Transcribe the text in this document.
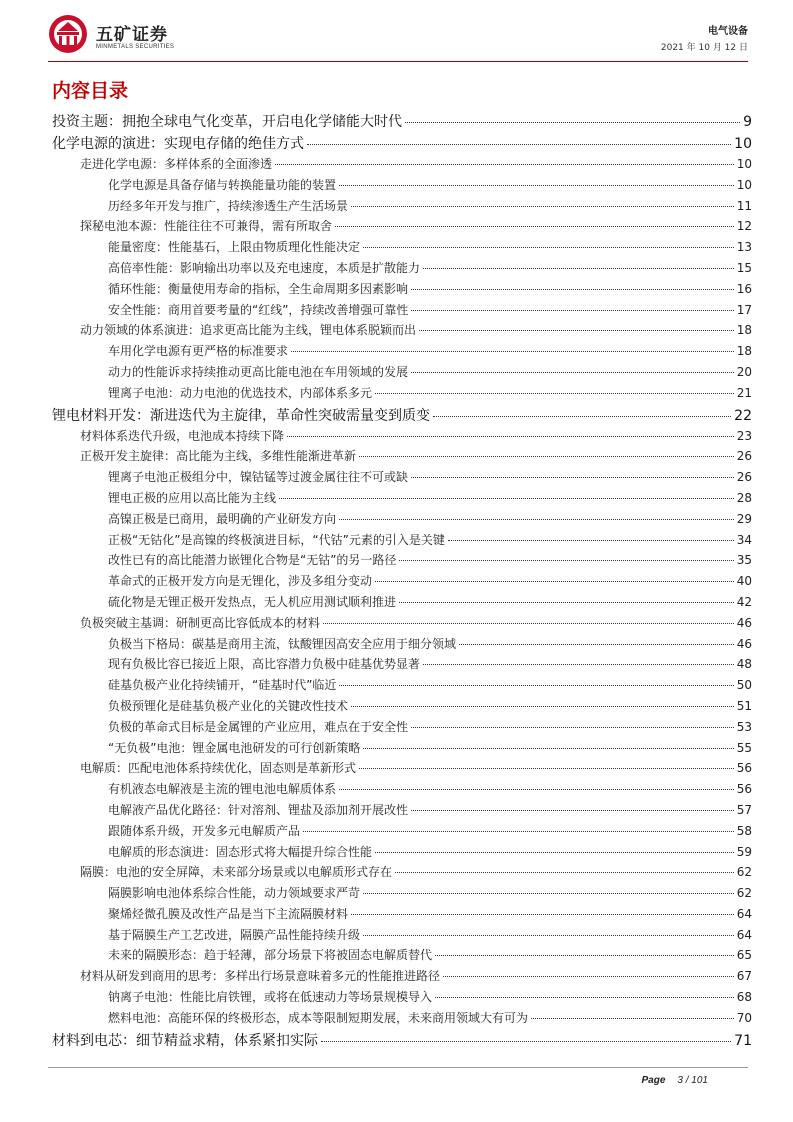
五矿证券
MINMETALS SECURITIES
电气设备
2021 年 10 月 12 日
内容目录
投资主题：拥抱全球电气化变革，开启电化学储能大时代	9
化学电源的演进：实现电存储的绝佳方式	10
走进化学电源：多样体系的全面渗透	10
化学电源是具备存储与转换能量功能的装置	10
历经多年开发与推广，持续渗透生产生活场景	11
探秘电池本源：性能往往不可兼得，需有所取舍	12
能量密度：性能基石，上限由物质理化性能决定	13
高倍率性能：影响输出功率以及充电速度，本质是扩散能力	15
循环性能：衡量使用寿命的指标，全生命周期多因素影响	16
安全性能：商用首要考量的“红线”，持续改善增强可靠性	17
动力领域的体系演进：追求更高比能为主线，锂电体系脱颖而出	18
车用化学电源有更严格的标准要求	18
动力的性能诉求持续推动更高比能电池在车用领域的发展	20
锂离子电池：动力电池的优选技术，内部体系多元	21
锂电材料开发：渐进迭代为主旋律，革命性突破需量变到质变	22
材料体系迭代升级，电池成本持续下降	23
正极开发主旋律：高比能为主线，多维性能渐进革新	26
锂离子电池正极组分中，镍钴锰等过渡金属往往不可或缺	26
锂电正极的应用以高比能为主线	28
高镍正极是已商用，最明确的产业研发方向	29
正极“无钴化”是高镍的终极演进目标，“代钴”元素的引入是关键	34
改性已有的高比能潜力嵌锂化合物是“无钴”的另一路径	35
革命式的正极开发方向是无锂化，涉及多组分变动	40
硫化物是无锂正极开发热点，无人机应用测试顺利推进	42
负极突破主基调：研制更高比容低成本的材料	46
负极当下格局：碳基是商用主流，钛酸锂因高安全应用于细分领域	46
现有负极比容已接近上限，高比容潜力负极中硅基优势显著	48
硅基负极产业化持续铺开，“硅基时代”临近	50
负极预锂化是硅基负极产业化的关键改性技术	51
负极的革命式目标是金属锂的产业应用，难点在于安全性	53
“无负极”电池：锂金属电池研发的可行创新策略	55
电解质：匹配电池体系持续优化，固态则是革新形式	56
有机液态电解液是主流的锂电池电解质体系	56
电解液产品优化路径：针对溶剂、锂盐及添加剂开展改性	57
跟随体系升级，开发多元电解质产品	58
电解质的形态演进：固态形式将大幅提升综合性能	59
隔膜：电池的安全屏障，未来部分场景或以电解质形式存在	62
隔膜影响电池体系综合性能，动力领域要求严苛	62
聚烯烃微孔膜及改性产品是当下主流隔膜材料	64
基于隔膜生产工艺改进，隔膜产品性能持续升级	64
未来的隔膜形态：趋于轻薄，部分场景下将被固态电解质替代	65
材料从研发到商用的思考：多样出行场景意味着多元的性能推进路径	67
钠离子电池：性能比肩铁锂，或将在低速动力等场景规模导入	68
燃料电池：高能环保的终极形态，成本等限制短期发展，未来商用领域大有可为	70
材料到电芯：细节精益求精，体系紧扣实际	71
Page 3 / 101
